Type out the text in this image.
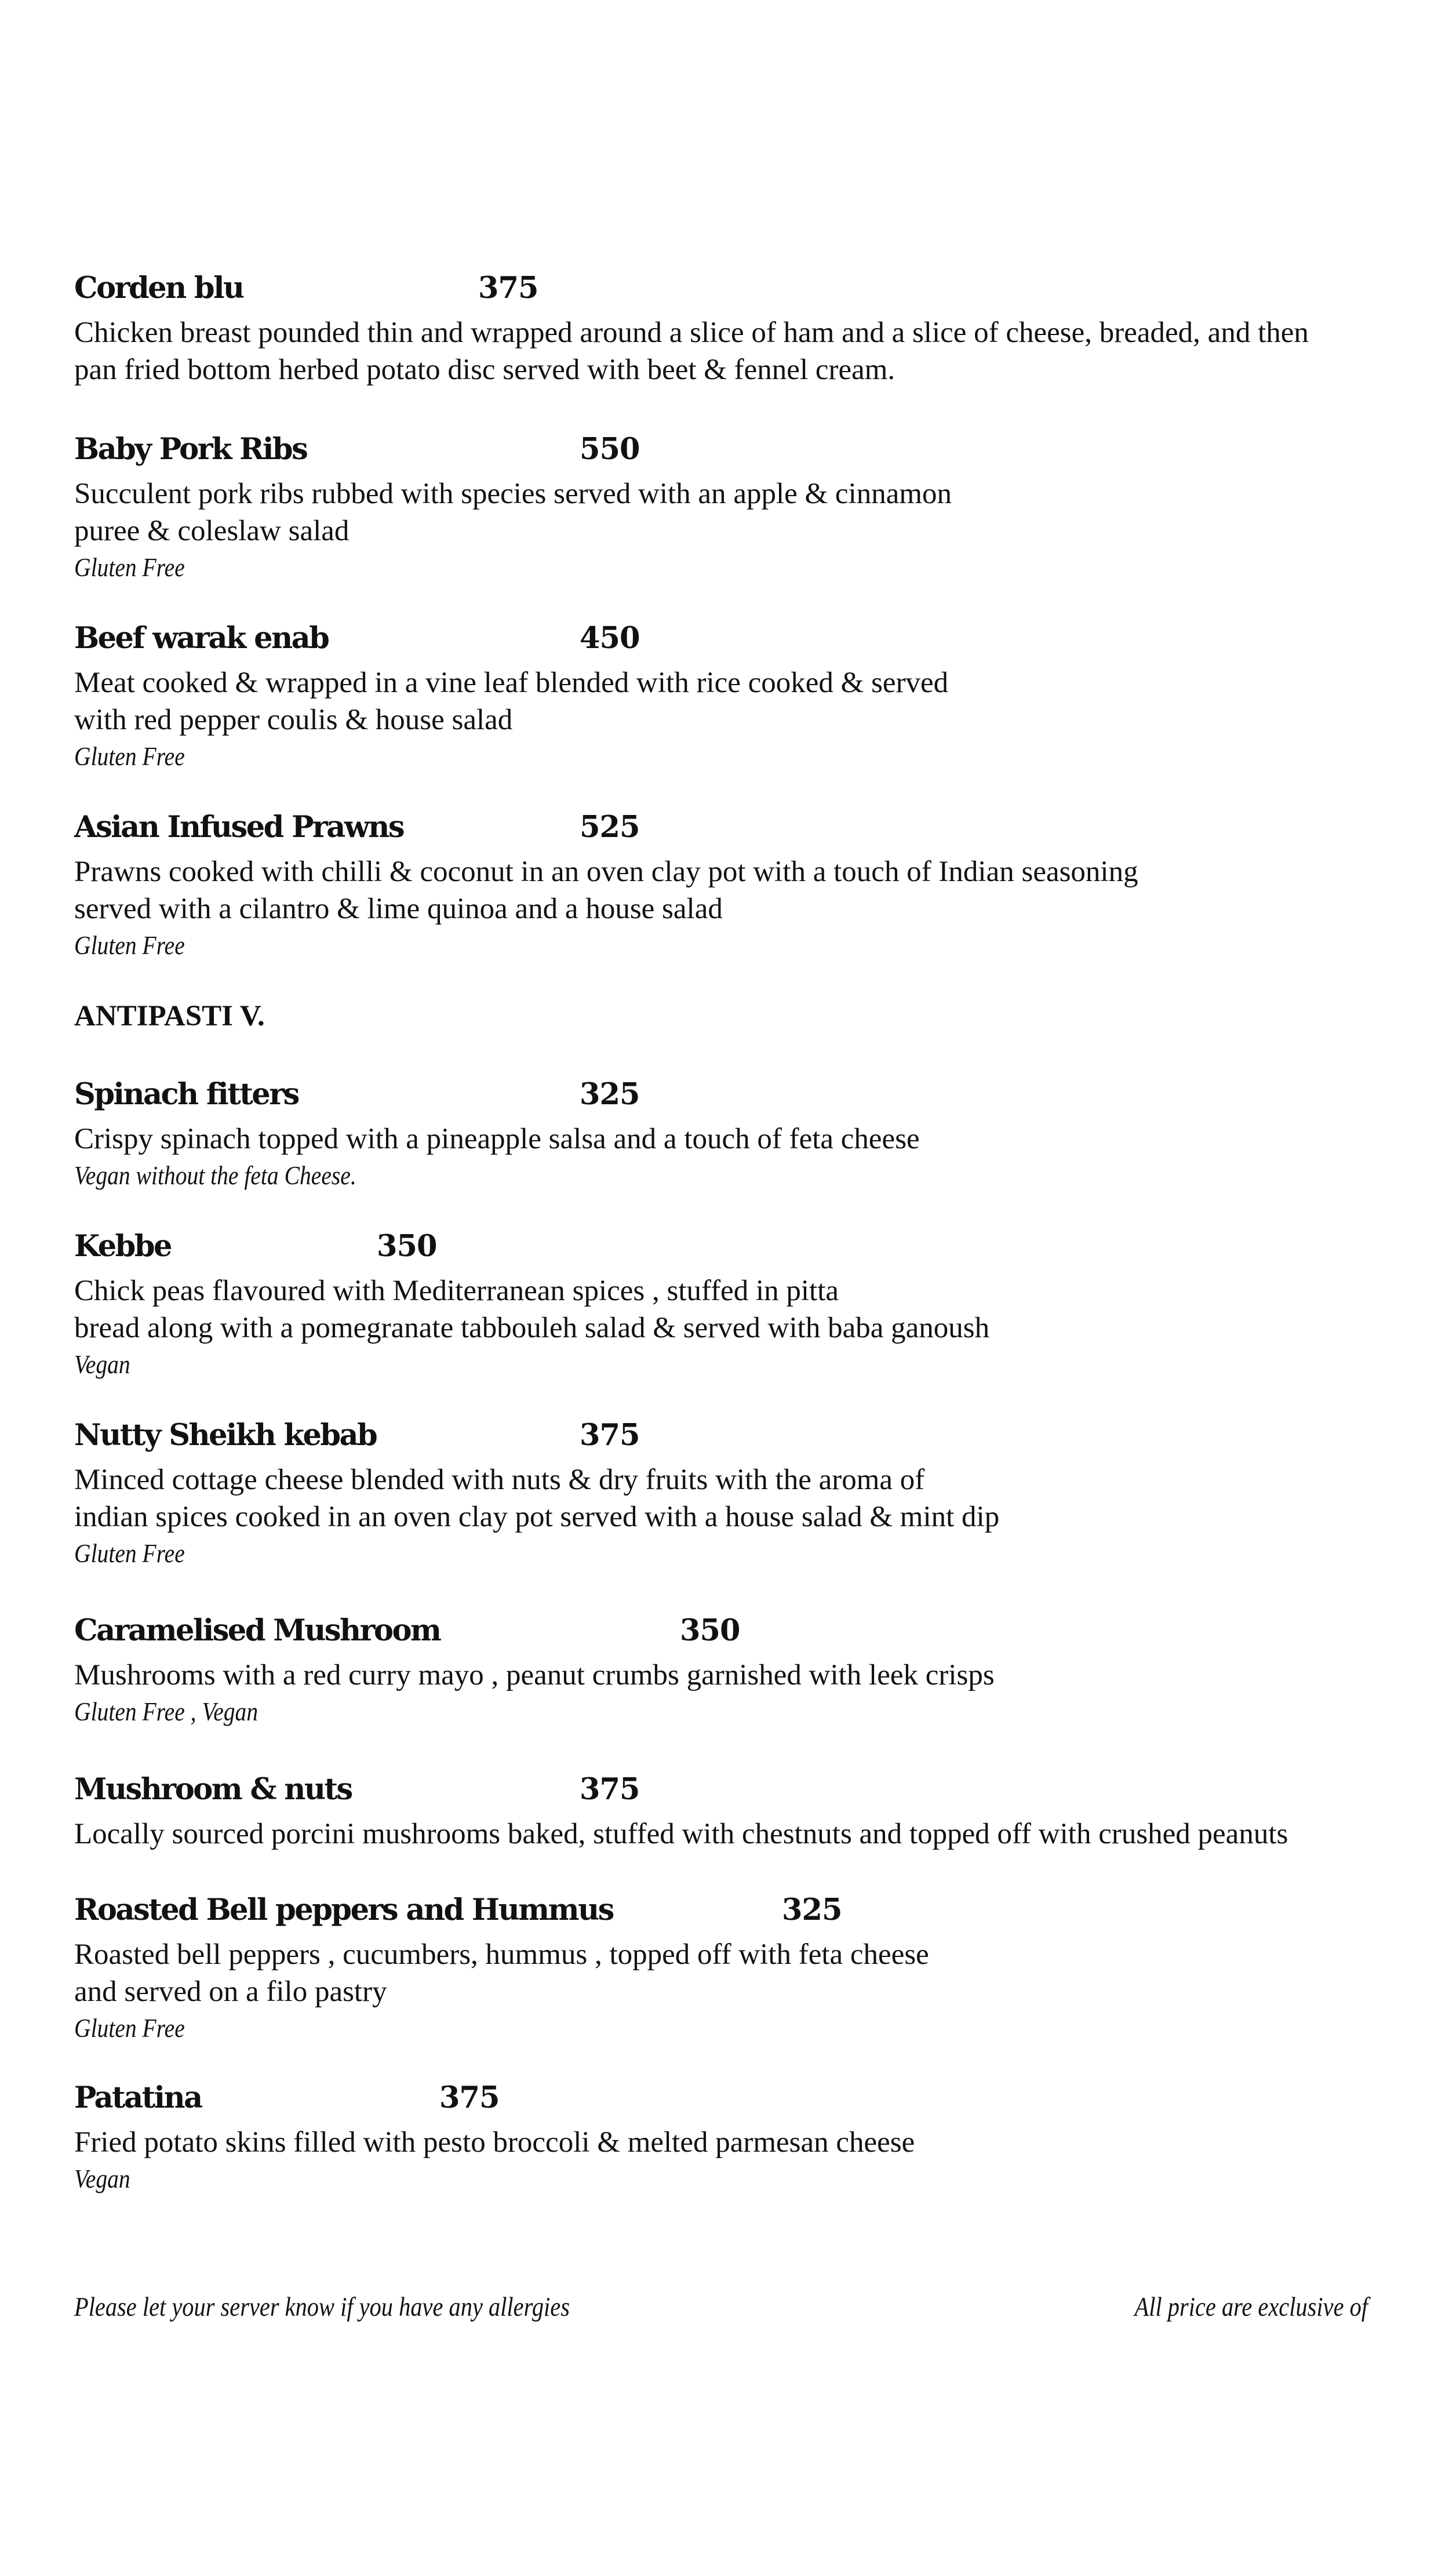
Corden blu	375

Chicken breast pounded thin and wrapped around a slice of ham and a slice of cheese, breaded, and then

pan fried bottom herbed potato disc served with beet & fennel cream.

Baby Pork Ribs	550

Succulent pork ribs rubbed with species served with an apple & cinnamon

puree & coleslaw salad

Gluten Free

Beef warak enab	450

Meat cooked & wrapped in a vine leaf blended with rice cooked & served

with red pepper coulis & house salad

Gluten Free

Asian Infused Prawns	525

Prawns cooked with chilli & coconut in an oven clay pot with a touch of Indian seasoning

served with a cilantro & lime quinoa and a house salad

Gluten Free

ANTIPASTI V.
Spinach fitters	325

Crispy spinach topped with a pineapple salsa and a touch of feta cheese

Vegan without the feta Cheese.

Kebbe	350

Chick peas flavoured with Mediterranean spices , stuffed in pitta

bread along with a pomegranate tabbouleh salad & served with baba ganoush

Vegan

Nutty Sheikh kebab	375

Minced cottage cheese blended with nuts & dry fruits with the aroma of

indian spices cooked in an oven clay pot served with a house salad & mint dip

Gluten Free

Caramelised Mushroom	350

Mushrooms with a red curry mayo , peanut crumbs garnished with leek crisps

Gluten Free , Vegan

Mushroom & nuts	375

Locally sourced porcini mushrooms baked, stuffed with chestnuts and topped off with crushed peanuts

Roasted Bell peppers and Hummus	325

Roasted bell peppers , cucumbers, hummus , topped off with feta cheese

and served on a filo pastry

Gluten Free

Patatina	375

Fried potato skins filled with pesto broccoli & melted parmesan cheese

Vegan

Please let your server know if you have any allergies	All price are exclusive of
